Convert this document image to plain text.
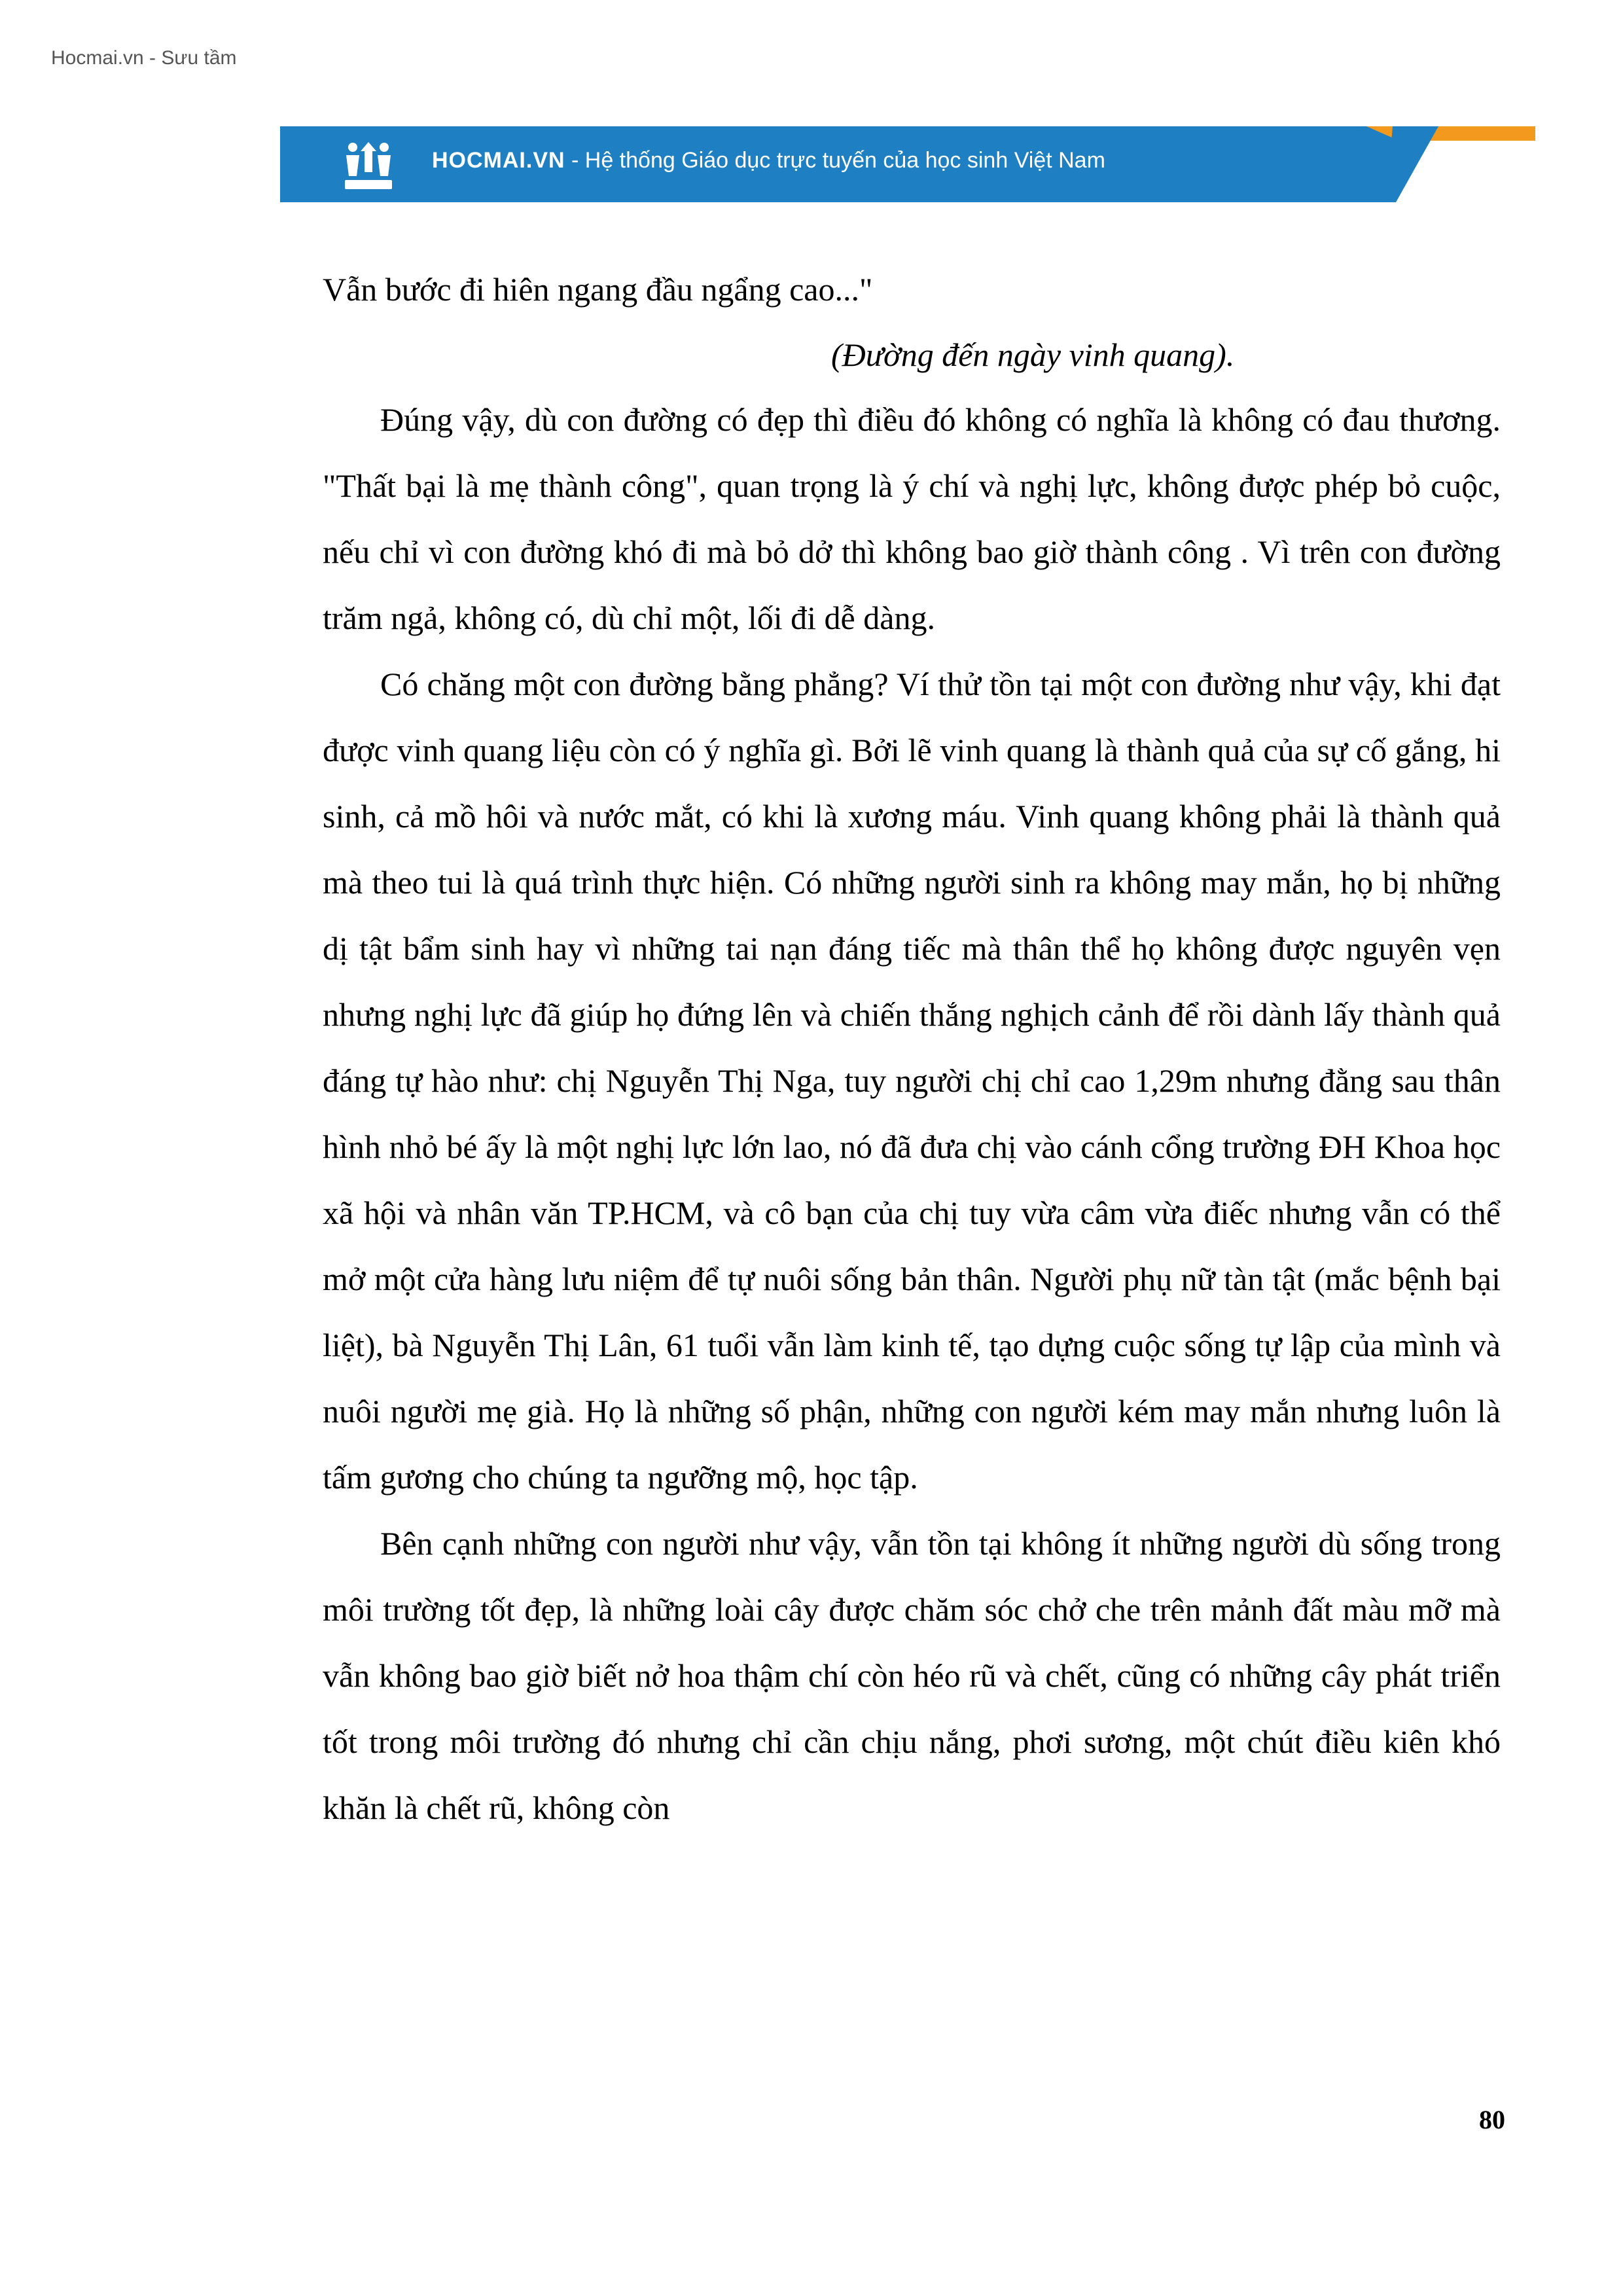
Hocmai.vn - Sưu tầm
HOCMAI.VN - Hệ thống Giáo dục trực tuyến của học sinh Việt Nam

Vẫn bước đi hiên ngang đầu ngẩng cao..."

(Đường đến ngày vinh quang).

Đúng vậy, dù con đường có đẹp thì điều đó không có nghĩa là không có đau thương. "Thất bại là mẹ thành công", quan trọng là ý chí và nghị lực, không được phép bỏ cuộc, nếu chỉ vì con đường khó đi mà bỏ dở thì không bao giờ thành công . Vì trên con đường trăm ngả, không có, dù chỉ một, lối đi dễ dàng.

Có chăng một con đường bằng phẳng? Ví thử tồn tại một con đường như vậy, khi đạt được vinh quang liệu còn có ý nghĩa gì. Bởi lẽ vinh quang là thành quả của sự cố gắng, hi sinh, cả mồ hôi và nước mắt, có khi là xương máu. Vinh quang không phải là thành quả mà theo tui là quá trình thực hiện. Có những người sinh ra không may mắn, họ bị những dị tật bẩm sinh hay vì những tai nạn đáng tiếc mà thân thể họ không được nguyên vẹn nhưng nghị lực đã giúp họ đứng lên và chiến thắng nghịch cảnh để rồi dành lấy thành quả đáng tự hào như: chị Nguyễn Thị Nga, tuy người chị chỉ cao 1,29m nhưng đằng sau thân hình nhỏ bé ấy là một nghị lực lớn lao, nó đã đưa chị vào cánh cổng trường ĐH Khoa học xã hội và nhân văn TP.HCM, và cô bạn của chị tuy vừa câm vừa điếc nhưng vẫn có thể mở một cửa hàng lưu niệm để tự nuôi sống bản thân. Người phụ nữ tàn tật (mắc bệnh bại liệt), bà Nguyễn Thị Lân, 61 tuổi vẫn làm kinh tế, tạo dựng cuộc sống tự lập của mình và nuôi người mẹ già. Họ là những số phận, những con người kém may mắn nhưng luôn là tấm gương cho chúng ta ngưỡng mộ, học tập.

Bên cạnh những con người như vậy, vẫn tồn tại không ít những người dù sống trong môi trường tốt đẹp, là những loài cây được chăm sóc chở che trên mảnh đất màu mỡ mà vẫn không bao giờ biết nở hoa thậm chí còn héo rũ và chết, cũng có những cây phát triển tốt trong môi trường đó nhưng chỉ cần chịu nắng, phơi sương, một chút điều kiên khó khăn là chết rũ, không còn

80
